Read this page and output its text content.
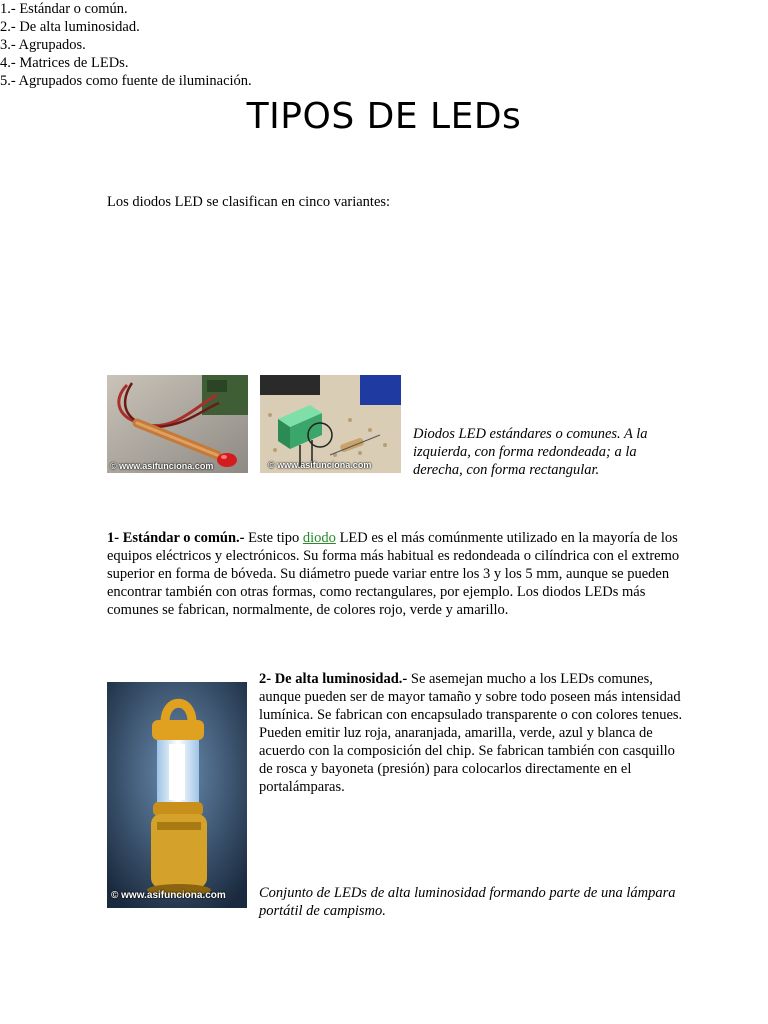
TIPOS DE LEDs
Los diodos LED se clasifican en cinco variantes:
1.- Estándar o común.
2.- De alta luminosidad.
3.- Agrupados.
4.- Matrices de LEDs.
5.- Agrupados como fuente de iluminación.
© www.asifunciona.com	© www.asifunciona.com
Diodos LED estándares o comunes. A la izquierda, con forma redondeada; a la derecha, con forma rectangular.
1- Estándar o común.- Este tipo diodo LED es el más comúnmente utilizado en la mayoría de los equipos eléctricos y electrónicos. Su forma más habitual es redondeada o cilíndrica con el extremo superior en forma de bóveda. Su diámetro puede variar entre los 3 y los 5 mm, aunque se pueden encontrar también con otras formas, como rectangulares, por ejemplo. Los diodos LEDs más comunes se fabrican, normalmente, de colores rojo, verde y amarillo.
© www.asifunciona.com
2- De alta luminosidad.- Se asemejan mucho a los LEDs comunes, aunque pueden ser de mayor tamaño y sobre todo poseen más intensidad lumínica. Se fabrican con encapsulado transparente o con colores tenues. Pueden emitir luz roja, anaranjada, amarilla, verde, azul y blanca de acuerdo con la composición del chip. Se fabrican también con casquillo de rosca y bayoneta (presión) para colocarlos directamente en el portalámparas.
Conjunto de LEDs de alta luminosidad formando parte de una lámpara portátil de campismo.
